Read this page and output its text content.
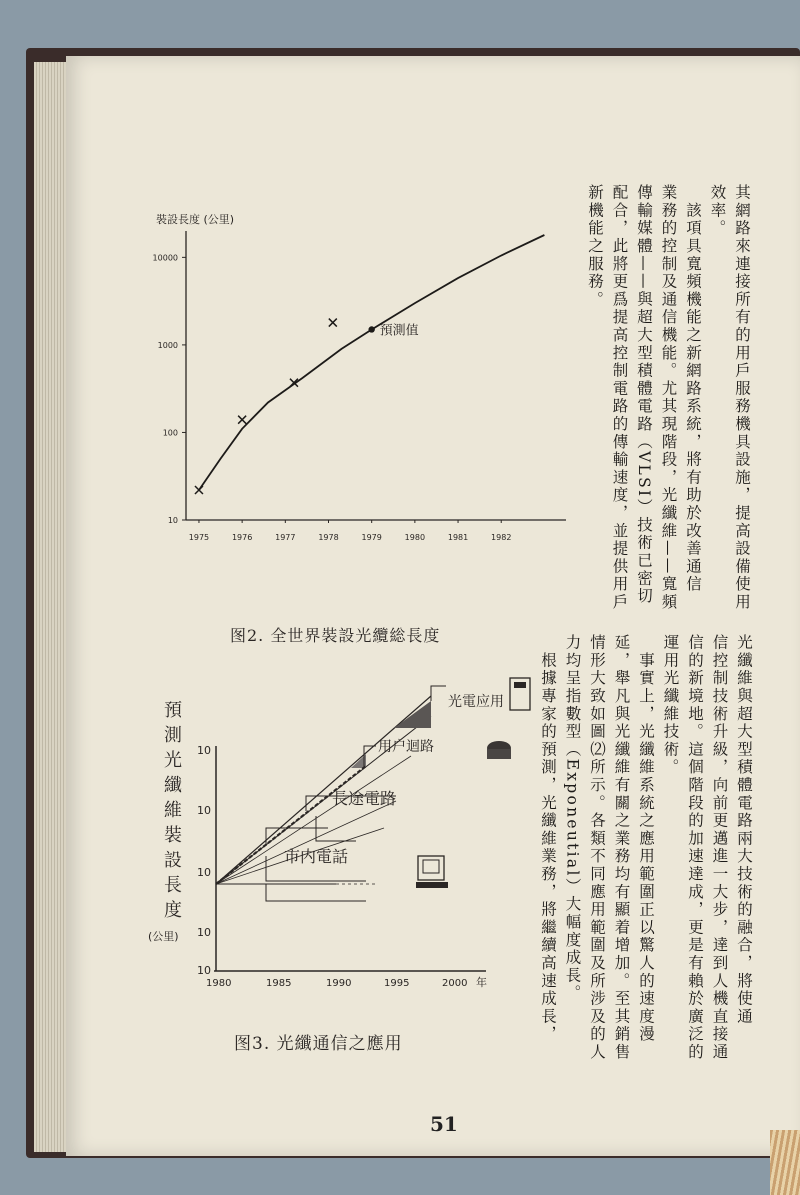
10
100
1000
10000
1975	1976	1977	1978	1979	1980	1981	1982
裝設長度 (公里)
預測值
10
10
10
10
10
1980	1985	1990	1995	2000 年
光電应用
用户迴路
長途電路
市内電話
預
測
光
纖
維
裝
設
長
度
(公里)
图2. 全世界裝設光纜総長度
图3. 光纖通信之應用

其網路來連接所有的用戶服務機具設施，提高設備使用

效率。

　該項具寬頻機能之新網路系統，將有助於改善通信

業務的控制及通信機能。尤其現階段，光纖維——寬頻

傳輸媒體——與超大型積體電路（VLSI）技術已密切

配合，此將更爲提高控制電路的傳輸速度，並提供用戶

新機能之服務。

光纖維與超大型積體電路兩大技術的融合，將使通

信控制技術升級，向前更邁進一大步，達到人機直接通

信的新境地。這個階段的加速達成，更是有賴於廣泛的

運用光纖維技術。

　事實上，光纖維系統之應用範圍正以驚人的速度漫

延，舉凡與光纖維有關之業務均有顯着增加。至其銷售

情形大致如圖⑵所示。各類不同應用範圍及所涉及的人

力均呈指數型（Exponeutial）大幅度成長。

　根據專家的預測，光纖維業務，將繼續高速成長，

51
